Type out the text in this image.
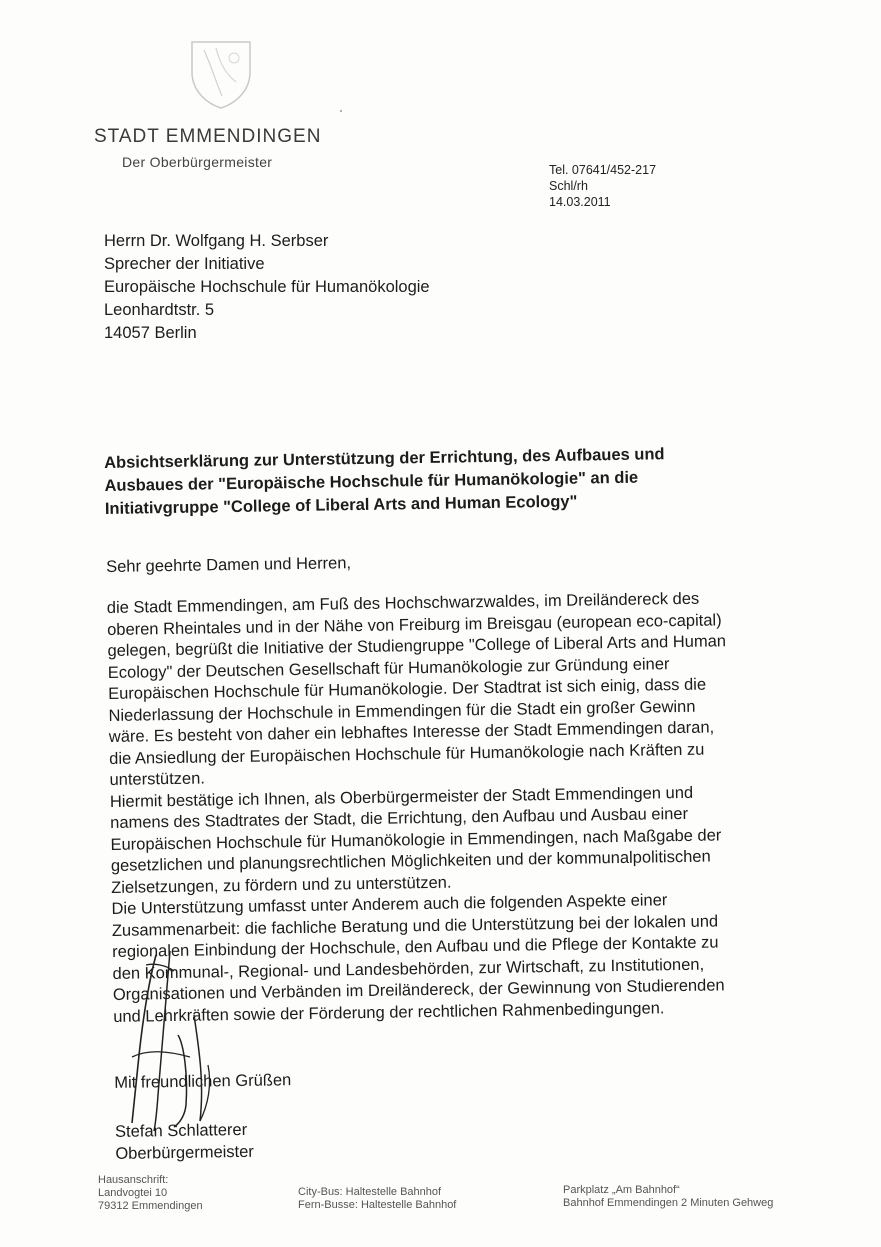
STADT EMMENDINGEN
Der Oberbürgermeister	Tel. 07641/452-217
Schl/rh
14.03.2011
Herrn Dr. Wolfgang H. Serbser
Sprecher der Initiative
Europäische Hochschule für Humanökologie
Leonhardtstr. 5
14057 Berlin
Absichtserklärung zur Unterstützung der Errichtung, des Aufbaues und
Ausbaues der "Europäische Hochschule für Humanökologie" an die
Initiativgruppe "College of Liberal Arts and Human Ecology"
Sehr geehrte Damen und Herren,
die Stadt Emmendingen, am Fuß des Hochschwarzwaldes, im Dreiländereck des
oberen Rheintales und in der Nähe von Freiburg im Breisgau (european eco-capital)
gelegen, begrüßt die Initiative der Studiengruppe "College of Liberal Arts and Human
Ecology" der Deutschen Gesellschaft für Humanökologie zur Gründung einer
Europäischen Hochschule für Humanökologie. Der Stadtrat ist sich einig, dass die
Niederlassung der Hochschule in Emmendingen für die Stadt ein großer Gewinn
wäre. Es besteht von daher ein lebhaftes Interesse der Stadt Emmendingen daran,
die Ansiedlung der Europäischen Hochschule für Humanökologie nach Kräften zu
unterstützen.
Hiermit bestätige ich Ihnen, als Oberbürgermeister der Stadt Emmendingen und
namens des Stadtrates der Stadt, die Errichtung, den Aufbau und Ausbau einer
Europäischen Hochschule für Humanökologie in Emmendingen, nach Maßgabe der
gesetzlichen und planungsrechtlichen Möglichkeiten und der kommunalpolitischen
Zielsetzungen, zu fördern und zu unterstützen.
Die Unterstützung umfasst unter Anderem auch die folgenden Aspekte einer
Zusammenarbeit: die fachliche Beratung und die Unterstützung bei der lokalen und
regionalen Einbindung der Hochschule, den Aufbau und die Pflege der Kontakte zu
den Kommunal-, Regional- und Landesbehörden, zur Wirtschaft, zu Institutionen,
Organisationen und Verbänden im Dreiländereck, der Gewinnung von Studierenden
und Lehrkräften sowie der Förderung der rechtlichen Rahmenbedingungen.
Mit freundlichen Grüßen
Stefan Schlatterer
Oberbürgermeister
Hausanschrift:
Landvogtei 10
79312 Emmendingen
City-Bus: Haltestelle Bahnhof
Fern-Busse: Haltestelle Bahnhof
Parkplatz „Am Bahnhof“
Bahnhof Emmendingen 2 Minuten Gehweg
